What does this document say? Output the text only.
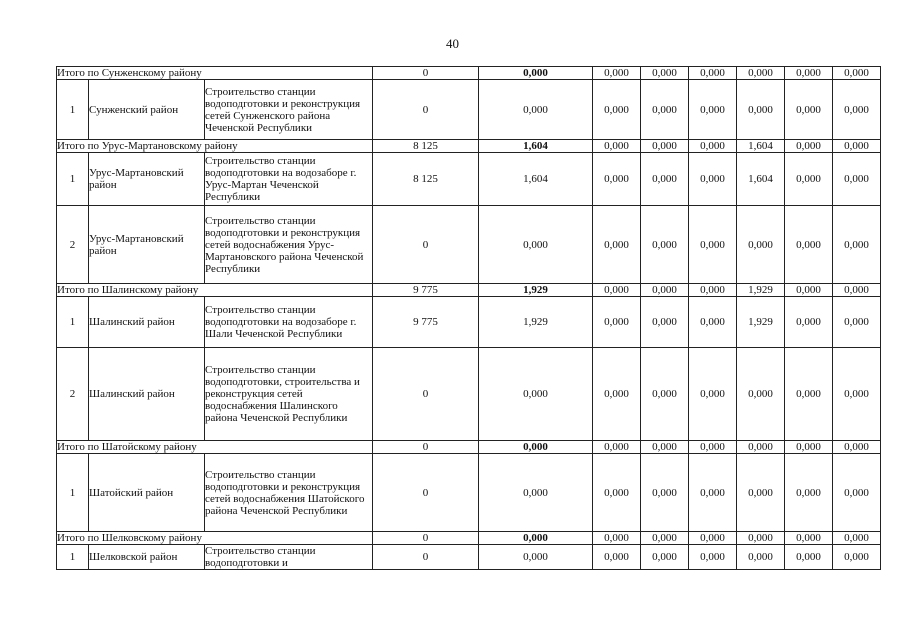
40
Итого по Сунженскому району			0	0,000	0,000	0,000	0,000	0,000	0,000	0,000
1	Сунженский район	Строительство станции водоподготовки и реконструкция сетей Сунженского района Чеченской Республики	0	0,000	0,000	0,000	0,000	0,000	0,000	0,000
Итого по Урус-Мартановскому району			8 125	1,604	0,000	0,000	0,000	1,604	0,000	0,000
1	Урус-Мартановский район	Строительство станции водоподготовки на водозаборе г. Урус-Мартан Чеченской Республики	8 125	1,604	0,000	0,000	0,000	1,604	0,000	0,000
2	Урус-Мартановский район	Строительство станции водоподготовки и реконструкция сетей водоснабжения Урус-Мартановского района Чеченской Республики	0	0,000	0,000	0,000	0,000	0,000	0,000	0,000
Итого по Шалинскому району			9 775	1,929	0,000	0,000	0,000	1,929	0,000	0,000
1	Шалинский район	Строительство станции водоподготовки на водозаборе г. Шали Чеченской Республики	9 775	1,929	0,000	0,000	0,000	1,929	0,000	0,000
2	Шалинский район	Строительство станции водоподготовки, строительства и реконструкция сетей водоснабжения Шалинского района Чеченской Республики	0	0,000	0,000	0,000	0,000	0,000	0,000	0,000
Итого по Шатойскому району			0	0,000	0,000	0,000	0,000	0,000	0,000	0,000
1	Шатойский район	Строительство станции водоподготовки и реконструкция сетей водоснабжения Шатойского района Чеченской Республики	0	0,000	0,000	0,000	0,000	0,000	0,000	0,000
Итого по Шелковскому району			0	0,000	0,000	0,000	0,000	0,000	0,000	0,000
1	Шелковской район	Строительство станции водоподготовки и	0	0,000	0,000	0,000	0,000	0,000	0,000	0,000
